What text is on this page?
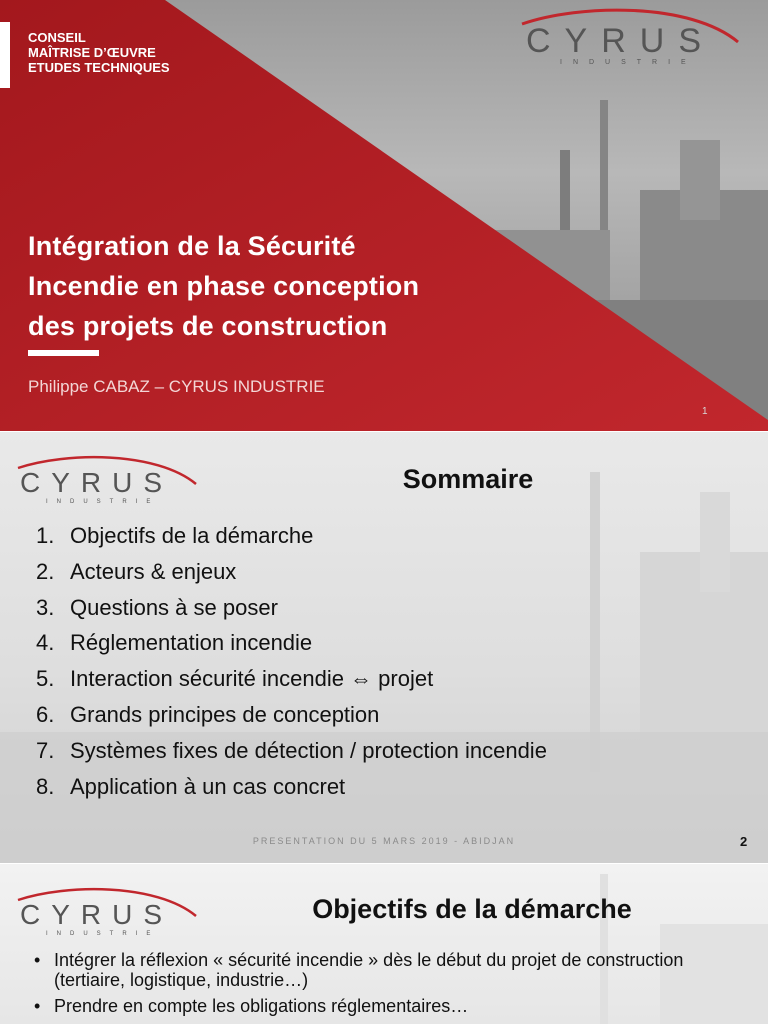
CONSEIL
MAÎTRISE D’ŒUVRE
ETUDES TECHNIQUES
CYRUS
INDUSTRIE
Intégration de la Sécurité
Incendie en phase conception
des projets de construction
Philippe CABAZ – CYRUS INDUSTRIE
1
CYRUS
INDUSTRIE
Sommaire
1. Objectifs de la démarche
2. Acteurs & enjeux
3. Questions à se poser
4. Réglementation incendie
5. Interaction sécurité incendie ⇔ projet
6. Grands principes de conception
7. Systèmes fixes de détection / protection incendie
8. Application à un cas concret
PRESENTATION DU 5 MARS 2019 - ABIDJAN	2
CYRUS
INDUSTRIE
Objectifs de la démarche
• Intégrer la réflexion « sécurité incendie » dès le début du projet de construction (tertiaire, logistique, industrie…)
• Prendre en compte les obligations réglementaires…
